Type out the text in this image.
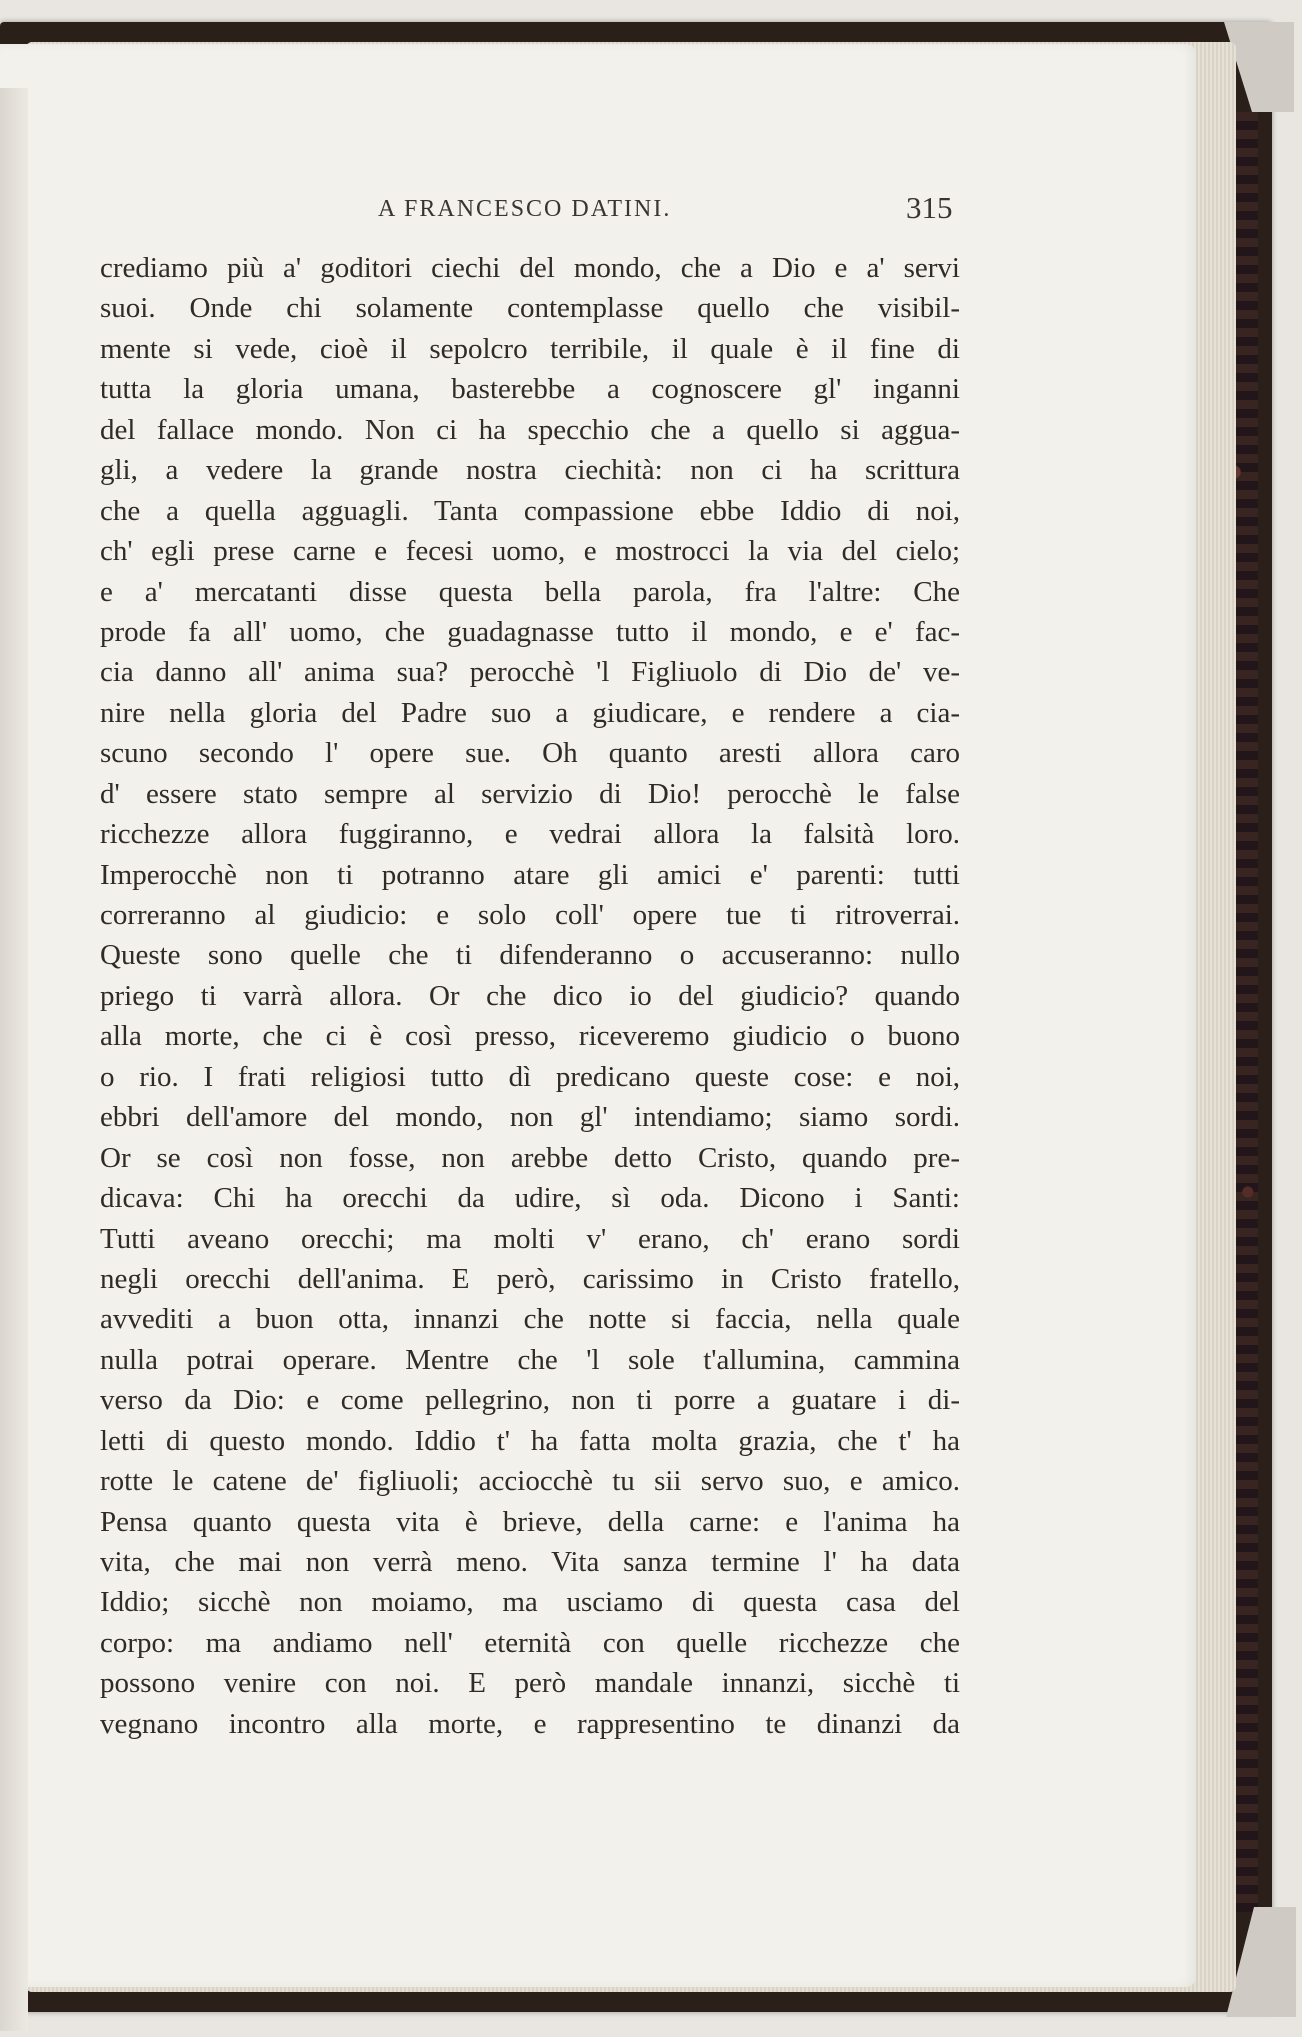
A FRANCESCO DATINI.	315
crediamo più a' goditori ciechi del mondo, che a Dio e a' servi
suoi. Onde chi solamente contemplasse quello che visibil-
mente si vede, cioè il sepolcro terribile, il quale è il fine di
tutta la gloria umana, basterebbe a cognoscere gl' inganni
del fallace mondo. Non ci ha specchio che a quello si aggua-
gli, a vedere la grande nostra ciechità: non ci ha scrittura
che a quella agguagli. Tanta compassione ebbe Iddio di noi,
ch' egli prese carne e fecesi uomo, e mostrocci la via del cielo;
e a' mercatanti disse questa bella parola, fra l'altre: Che
prode fa all' uomo, che guadagnasse tutto il mondo, e e' fac-
cia danno all' anima sua? perocchè 'l Figliuolo di Dio de' ve-
nire nella gloria del Padre suo a giudicare, e rendere a cia-
scuno secondo l' opere sue. Oh quanto aresti allora caro
d' essere stato sempre al servizio di Dio! perocchè le false
ricchezze allora fuggiranno, e vedrai allora la falsità loro.
Imperocchè non ti potranno atare gli amici e' parenti: tutti
correranno al giudicio: e solo coll' opere tue ti ritroverrai.
Queste sono quelle che ti difenderanno o accuseranno: nullo
priego ti varrà allora. Or che dico io del giudicio? quando
alla morte, che ci è così presso, riceveremo giudicio o buono
o rio. I frati religiosi tutto dì predicano queste cose: e noi,
ebbri dell'amore del mondo, non gl' intendiamo; siamo sordi.
Or se così non fosse, non arebbe detto Cristo, quando pre-
dicava: Chi ha orecchi da udire, sì oda. Dicono i Santi:
Tutti aveano orecchi; ma molti v' erano, ch' erano sordi
negli orecchi dell'anima. E però, carissimo in Cristo fratello,
avvediti a buon otta, innanzi che notte si faccia, nella quale
nulla potrai operare. Mentre che 'l sole t'allumina, cammina
verso da Dio: e come pellegrino, non ti porre a guatare i di-
letti di questo mondo. Iddio t' ha fatta molta grazia, che t' ha
rotte le catene de' figliuoli; acciocchè tu sii servo suo, e amico.
Pensa quanto questa vita è brieve, della carne: e l'anima ha
vita, che mai non verrà meno. Vita sanza termine l' ha data
Iddio; sicchè non moiamo, ma usciamo di questa casa del
corpo: ma andiamo nell' eternità con quelle ricchezze che
possono venire con noi. E però mandale innanzi, sicchè ti
vegnano incontro alla morte, e rappresentino te dinanzi da
